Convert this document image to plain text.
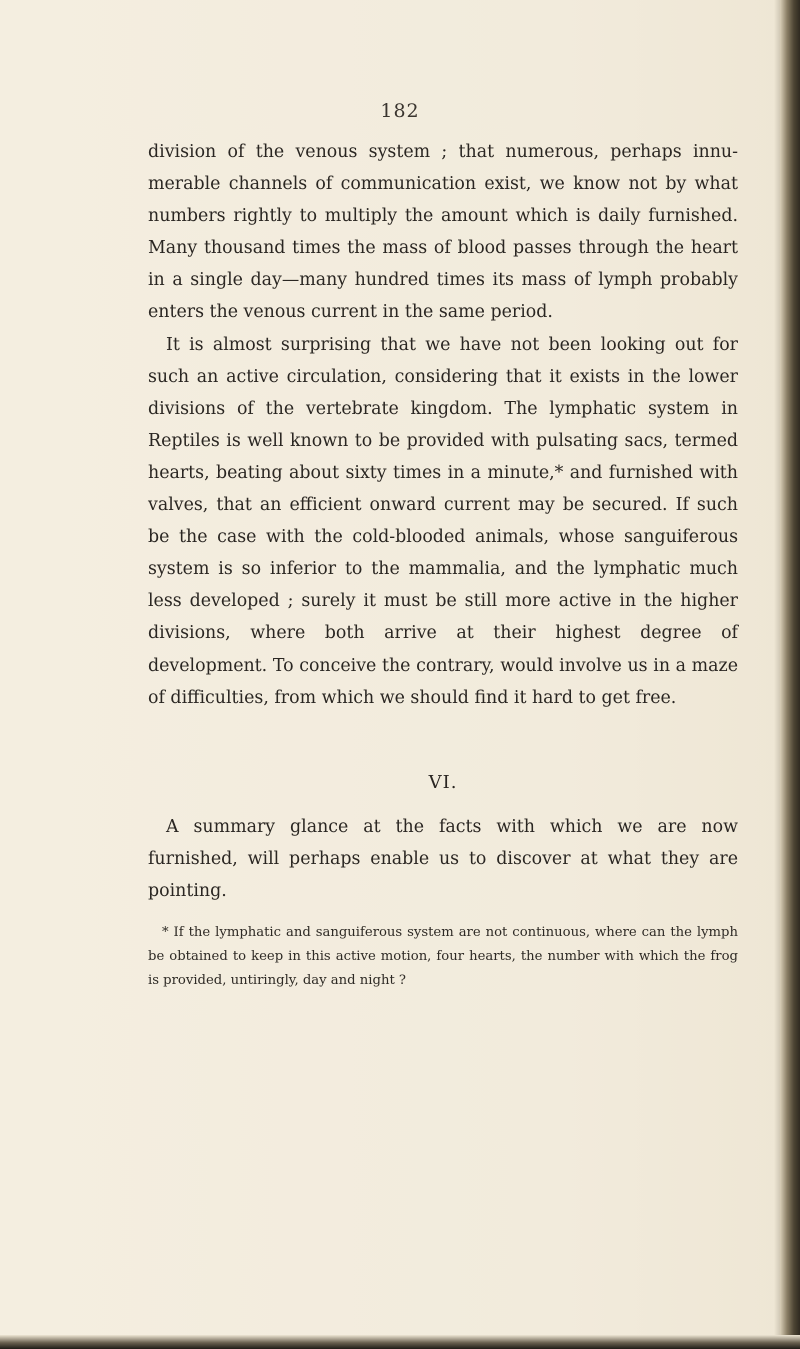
182

division of the venous system ; that numerous, perhaps innu- merable channels of communication exist, we know not by what numbers rightly to multiply the amount which is daily furnished. Many thousand times the mass of blood passes through the heart in a single day—many hundred times its mass of lymph probably enters the venous current in the same period.

It is almost surprising that we have not been looking out for such an active circulation, considering that it exists in the lower divisions of the vertebrate kingdom. The lymphatic system in Reptiles is well known to be provided with pulsating sacs, termed hearts, beating about sixty times in a minute,* and furnished with valves, that an efficient onward current may be secured. If such be the case with the cold-blooded animals, whose sanguiferous system is so inferior to the mammalia, and the lymphatic much less developed ; surely it must be still more active in the higher divisions, where both arrive at their highest degree of development. To conceive the contrary, would involve us in a maze of difficulties, from which we should find it hard to get free.

VI.

A summary glance at the facts with which we are now furnished, will perhaps enable us to discover at what they are pointing.

* If the lymphatic and sanguiferous system are not continuous, where can the lymph be obtained to keep in this active motion, four hearts, the number with which the frog is provided, untiringly, day and night ?
